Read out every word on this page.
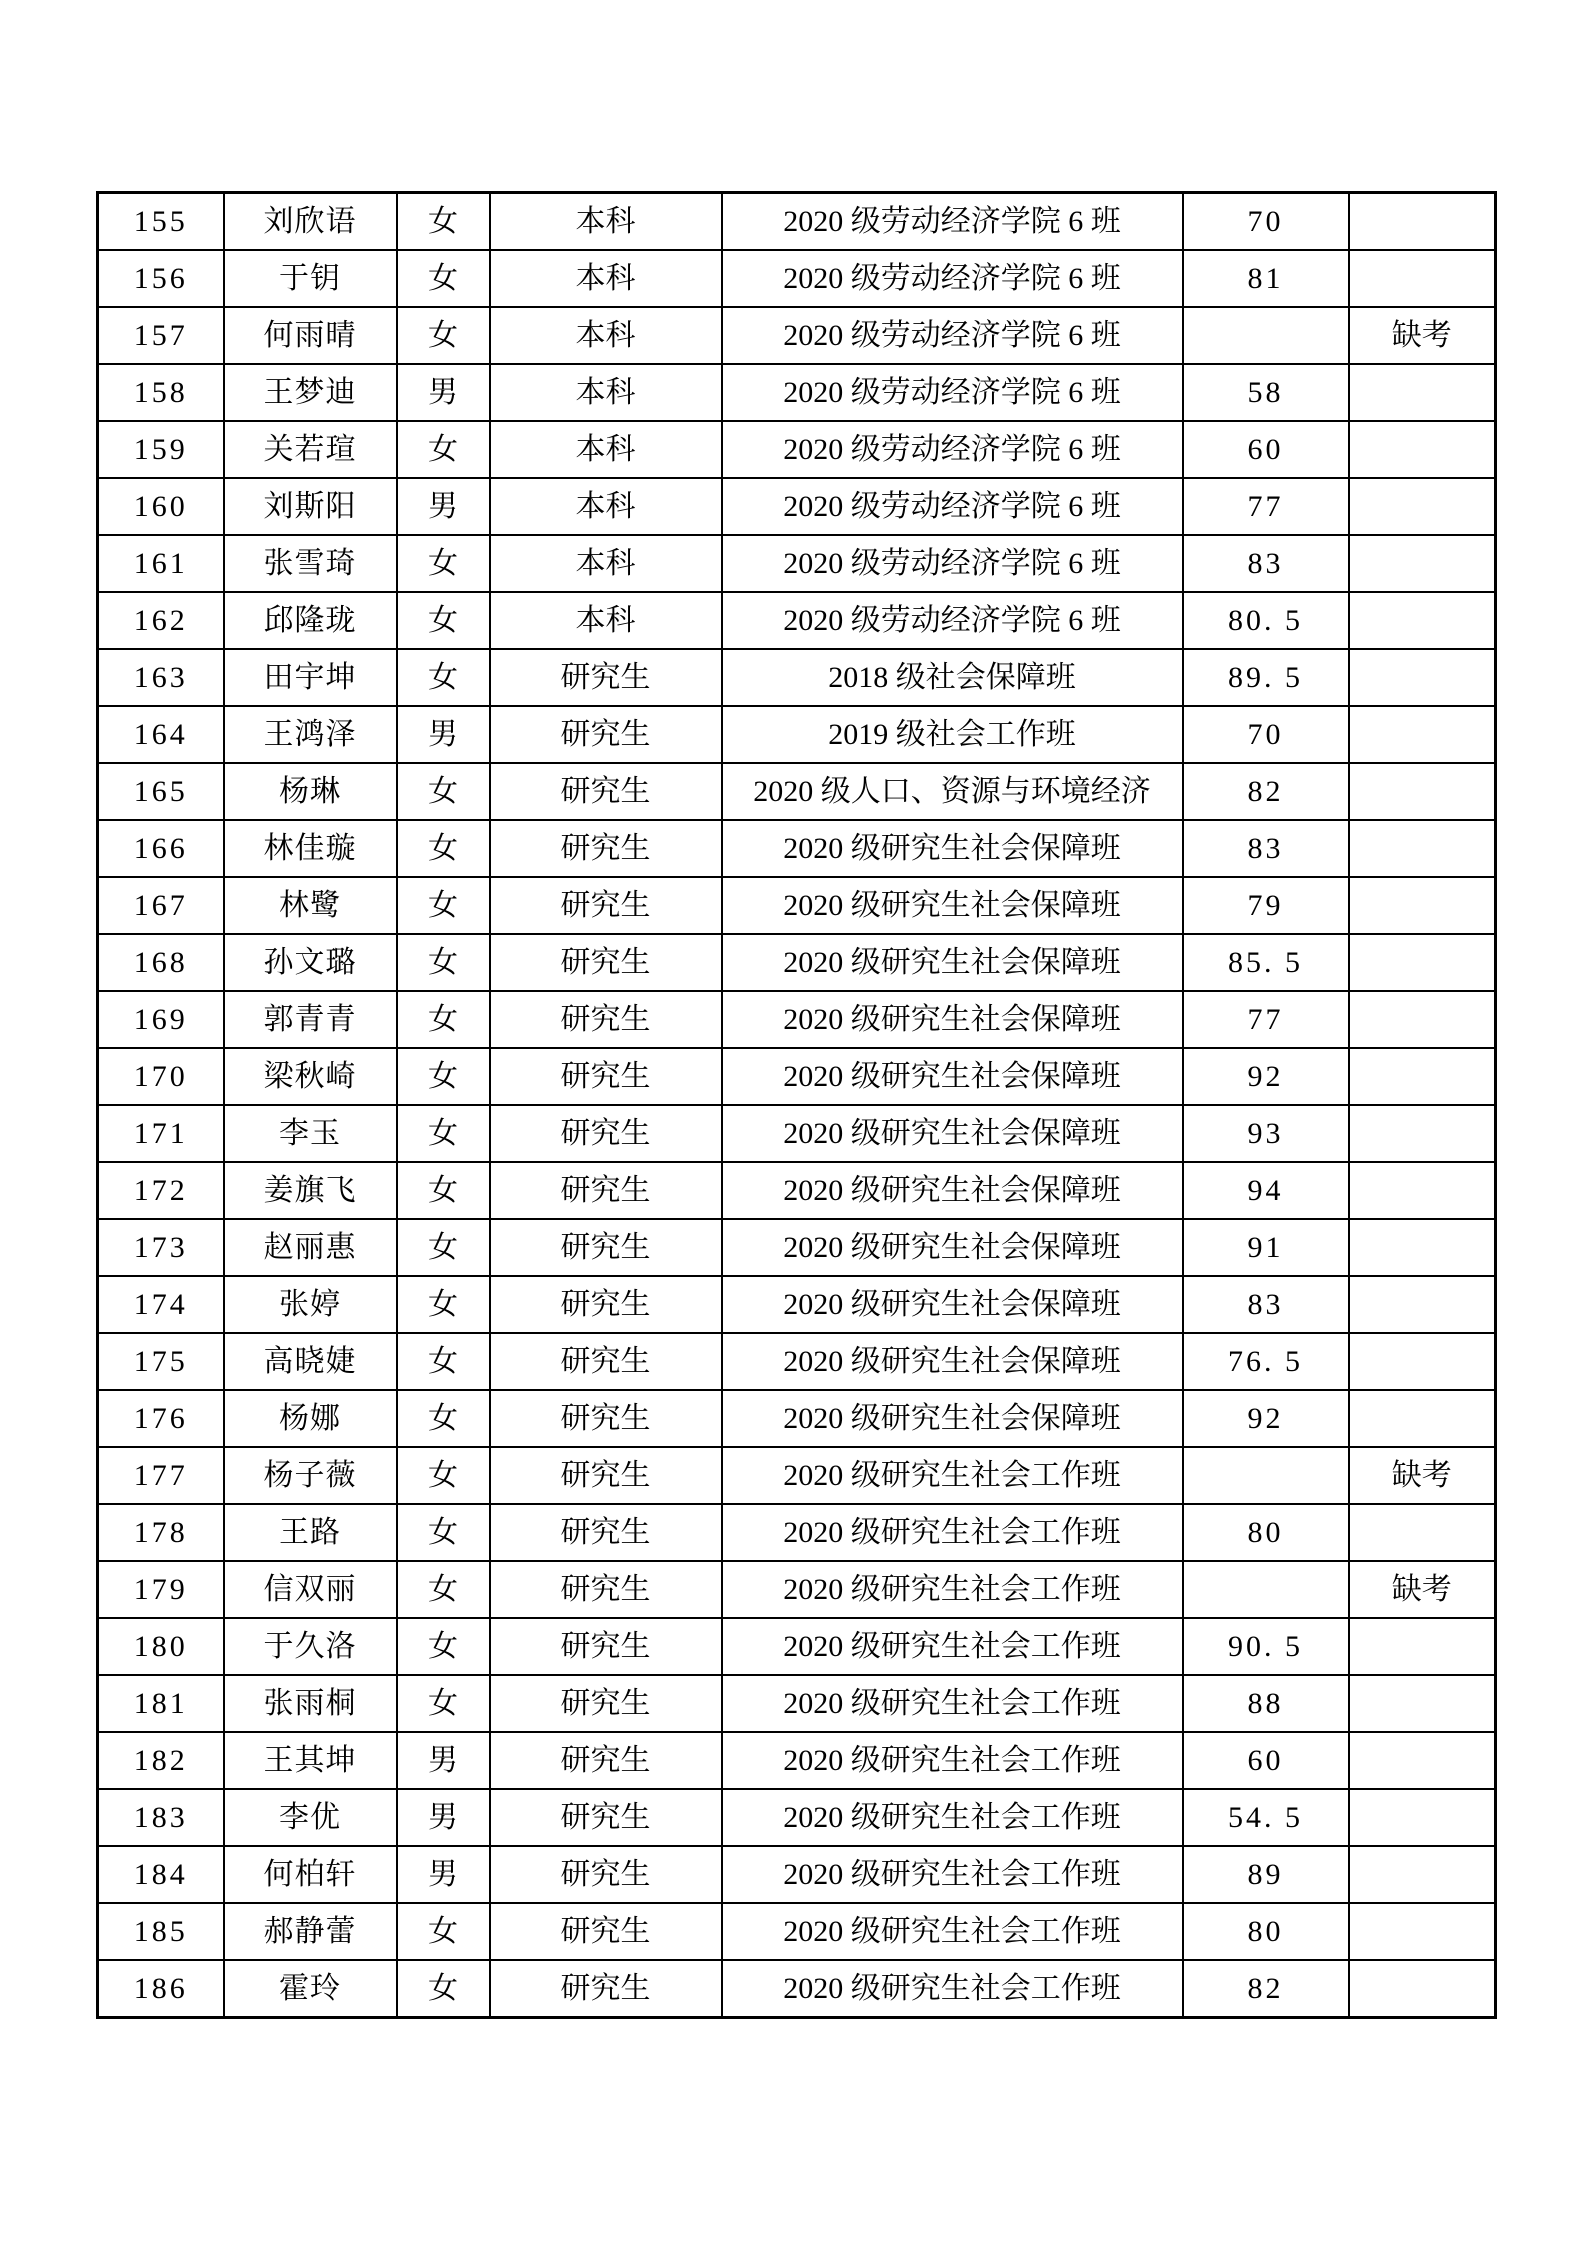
155	刘欣语	女	本科	2020 级劳动经济学院 6 班	70	
156	于钥	女	本科	2020 级劳动经济学院 6 班	81	
157	何雨晴	女	本科	2020 级劳动经济学院 6 班		缺考
158	王梦迪	男	本科	2020 级劳动经济学院 6 班	58	
159	关若瑄	女	本科	2020 级劳动经济学院 6 班	60	
160	刘斯阳	男	本科	2020 级劳动经济学院 6 班	77	
161	张雪琦	女	本科	2020 级劳动经济学院 6 班	83	
162	邱隆珑	女	本科	2020 级劳动经济学院 6 班	80. 5	
163	田宇坤	女	研究生	2018 级社会保障班	89. 5	
164	王鸿泽	男	研究生	2019 级社会工作班	70	
165	杨琳	女	研究生	2020 级人口、资源与环境经济	82	
166	林佳璇	女	研究生	2020 级研究生社会保障班	83	
167	林鹭	女	研究生	2020 级研究生社会保障班	79	
168	孙文璐	女	研究生	2020 级研究生社会保障班	85. 5	
169	郭青青	女	研究生	2020 级研究生社会保障班	77	
170	梁秋崎	女	研究生	2020 级研究生社会保障班	92	
171	李玉	女	研究生	2020 级研究生社会保障班	93	
172	姜旗飞	女	研究生	2020 级研究生社会保障班	94	
173	赵丽惠	女	研究生	2020 级研究生社会保障班	91	
174	张婷	女	研究生	2020 级研究生社会保障班	83	
175	高晓婕	女	研究生	2020 级研究生社会保障班	76. 5	
176	杨娜	女	研究生	2020 级研究生社会保障班	92	
177	杨子薇	女	研究生	2020 级研究生社会工作班		缺考
178	王路	女	研究生	2020 级研究生社会工作班	80	
179	信双丽	女	研究生	2020 级研究生社会工作班		缺考
180	于久洛	女	研究生	2020 级研究生社会工作班	90. 5	
181	张雨桐	女	研究生	2020 级研究生社会工作班	88	
182	王其坤	男	研究生	2020 级研究生社会工作班	60	
183	李优	男	研究生	2020 级研究生社会工作班	54. 5	
184	何柏轩	男	研究生	2020 级研究生社会工作班	89	
185	郝静蕾	女	研究生	2020 级研究生社会工作班	80	
186	霍玲	女	研究生	2020 级研究生社会工作班	82	
